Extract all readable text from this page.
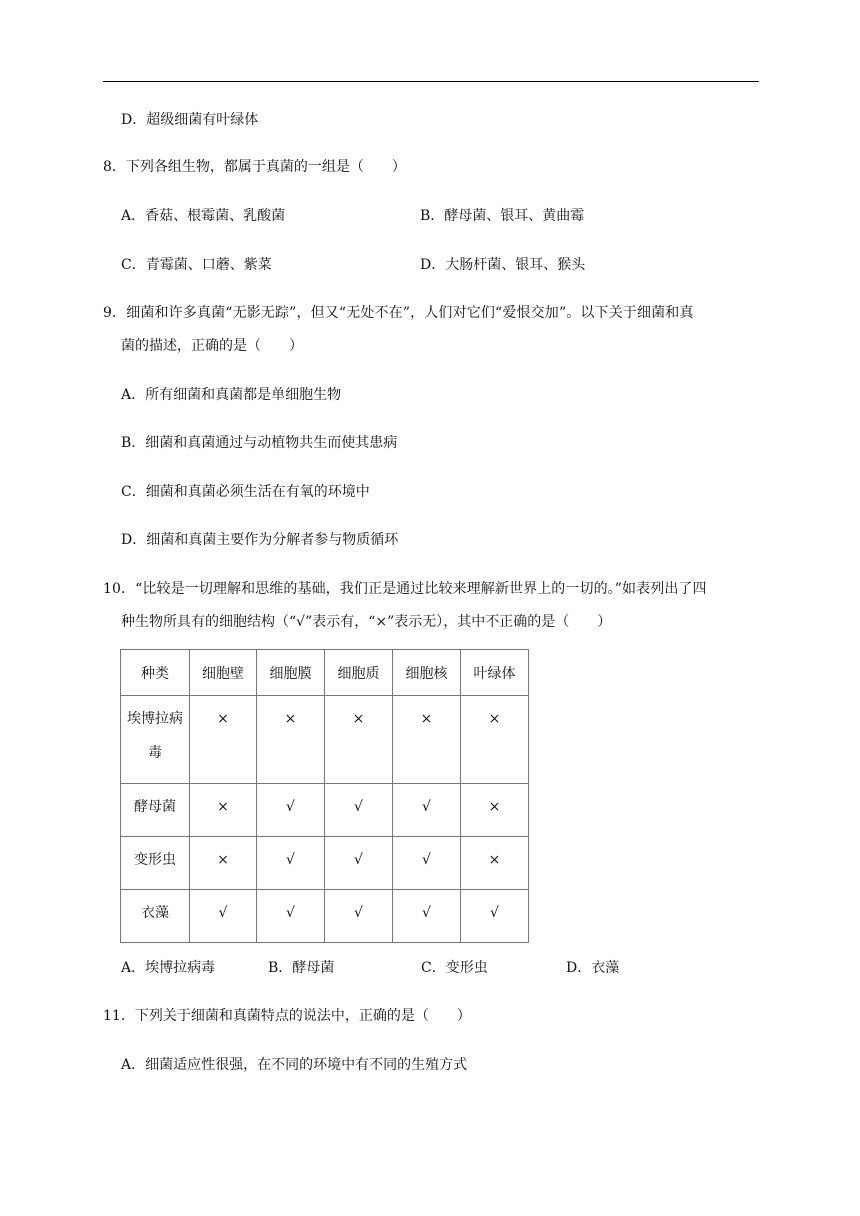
D．超级细菌有叶绿体
8．下列各组生物，都属于真菌的一组是（　　）
A．香菇、根霉菌、乳酸菌	B．酵母菌、银耳、黄曲霉
C．青霉菌、口蘑、紫菜	D．大肠杆菌、银耳、猴头
9．细菌和许多真菌“无影无踪”，但又“无处不在”，人们对它们“爱恨交加”。以下关于细菌和真
菌的描述，正确的是（　　）
A．所有细菌和真菌都是单细胞生物
B．细菌和真菌通过与动植物共生而使其患病
C．细菌和真菌必须生活在有氧的环境中
D．细菌和真菌主要作为分解者参与物质循环
10．“比较是一切理解和思维的基础，我们正是通过比较来理解新世界上的一切的。”如表列出了四
种生物所具有的细胞结构（“√”表示有，“×”表示无），其中不正确的是（　　）
种类	细胞壁	细胞膜	细胞质	细胞核	叶绿体

埃博拉病
毒	×	×	×	×	×

酵母菌	×	√	√	√	×

变形虫	×	√	√	√	×

衣藻	√	√	√	√	√
A．埃博拉病毒	B．酵母菌	C．变形虫	D．衣藻
11．下列关于细菌和真菌特点的说法中，正确的是（　　）
A．细菌适应性很强，在不同的环境中有不同的生殖方式
